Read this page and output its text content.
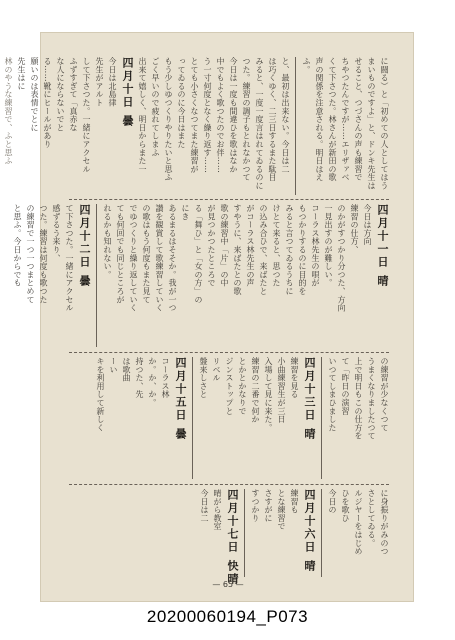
に闘る）と「初めての人としてはう
まいものですよ」と、ドンキ先生は
せること、つづさんの声も練習で
ちやつたんですが……エリザァベ
くて下さつた。林さんが新田の歌
声の関係を注意される。明日はえ
ふ。
と、最初は出来ない。今日は二
は巧くゆく、二三日するまた駄目
みると、一度一度言はれてゐるのに
つた。練習の調子もとれなかつて
今日は一度も間違ひを歌はなか
中でもよく歌つたのでお伴……
う一寸何度となく繰り返す……
とても小さくなつてまた練習が
ってゐるのに今日はまた
もう少しゆつくりやりたいと思ふ
ごく早いので疲れてしまふ
出来て嬉しく、明日からまた一
四月十日 曇
今日は北島律
先生がアルト
して下さつた。一緒にアクセル
ふずすぎて「真赤な
な人にならないでと
る……靴にヒールがあり
願いのは表情でとに
先生はに
林のやうな練習で、ふと思ふ
四月十一日 晴
今日は方向
練習の仕方、
のかがすつかり分つた、方向
一見出すのが難しい。
コーラス林先生の唄が
もつかりするのに目的を
みると言つてゐるうちに
けとて来ると、思つた
の込み合ひで、来ばたと
がコーラス林先生の声
すやうに、来ばたとの歌
歌の練習中「片」の中
が見つかつたところで
る「舞ひ」と「女の方」の
にき
あるまるはそそか。我が一つ
讃を観賞して歌練習していく
の歌はもう何度もまた見て
でゆつくりと繰り返していく
ても何回でも同じところが
れるかも知れない。
四月十二日 曇
て下さつた。一緒にアクセル
感ずるう来り、
つた。練習は何度も歌つた
の練習で一つ一つまとめて
と思ふ。今日からでも
の練習が少なくつて
うまくなりましたつて
上で明日もこの仕方を
て「昨日の演習
いつてしまひました
四月十三日 晴
練習を見る
小曲練習生が三日
入場して見に来た。
練習の二番で何か
とかとかなりで
ジンストップと
リベル
盤来しさと
四月十五日 曇
コーラス林
か。か、か。
持つた、先
は歌曲
ーい
キを利用して新しく
に身振りがみのつ
さとしてゐる。
ルジヤーをはじめ
ひを歌ひ
今日の
四月十六日 晴
練習も
とな練習で
さすがに
すつかり
四月十七日 快晴
晴がら教室
今日は二
— 65 —
20200060194_P073
